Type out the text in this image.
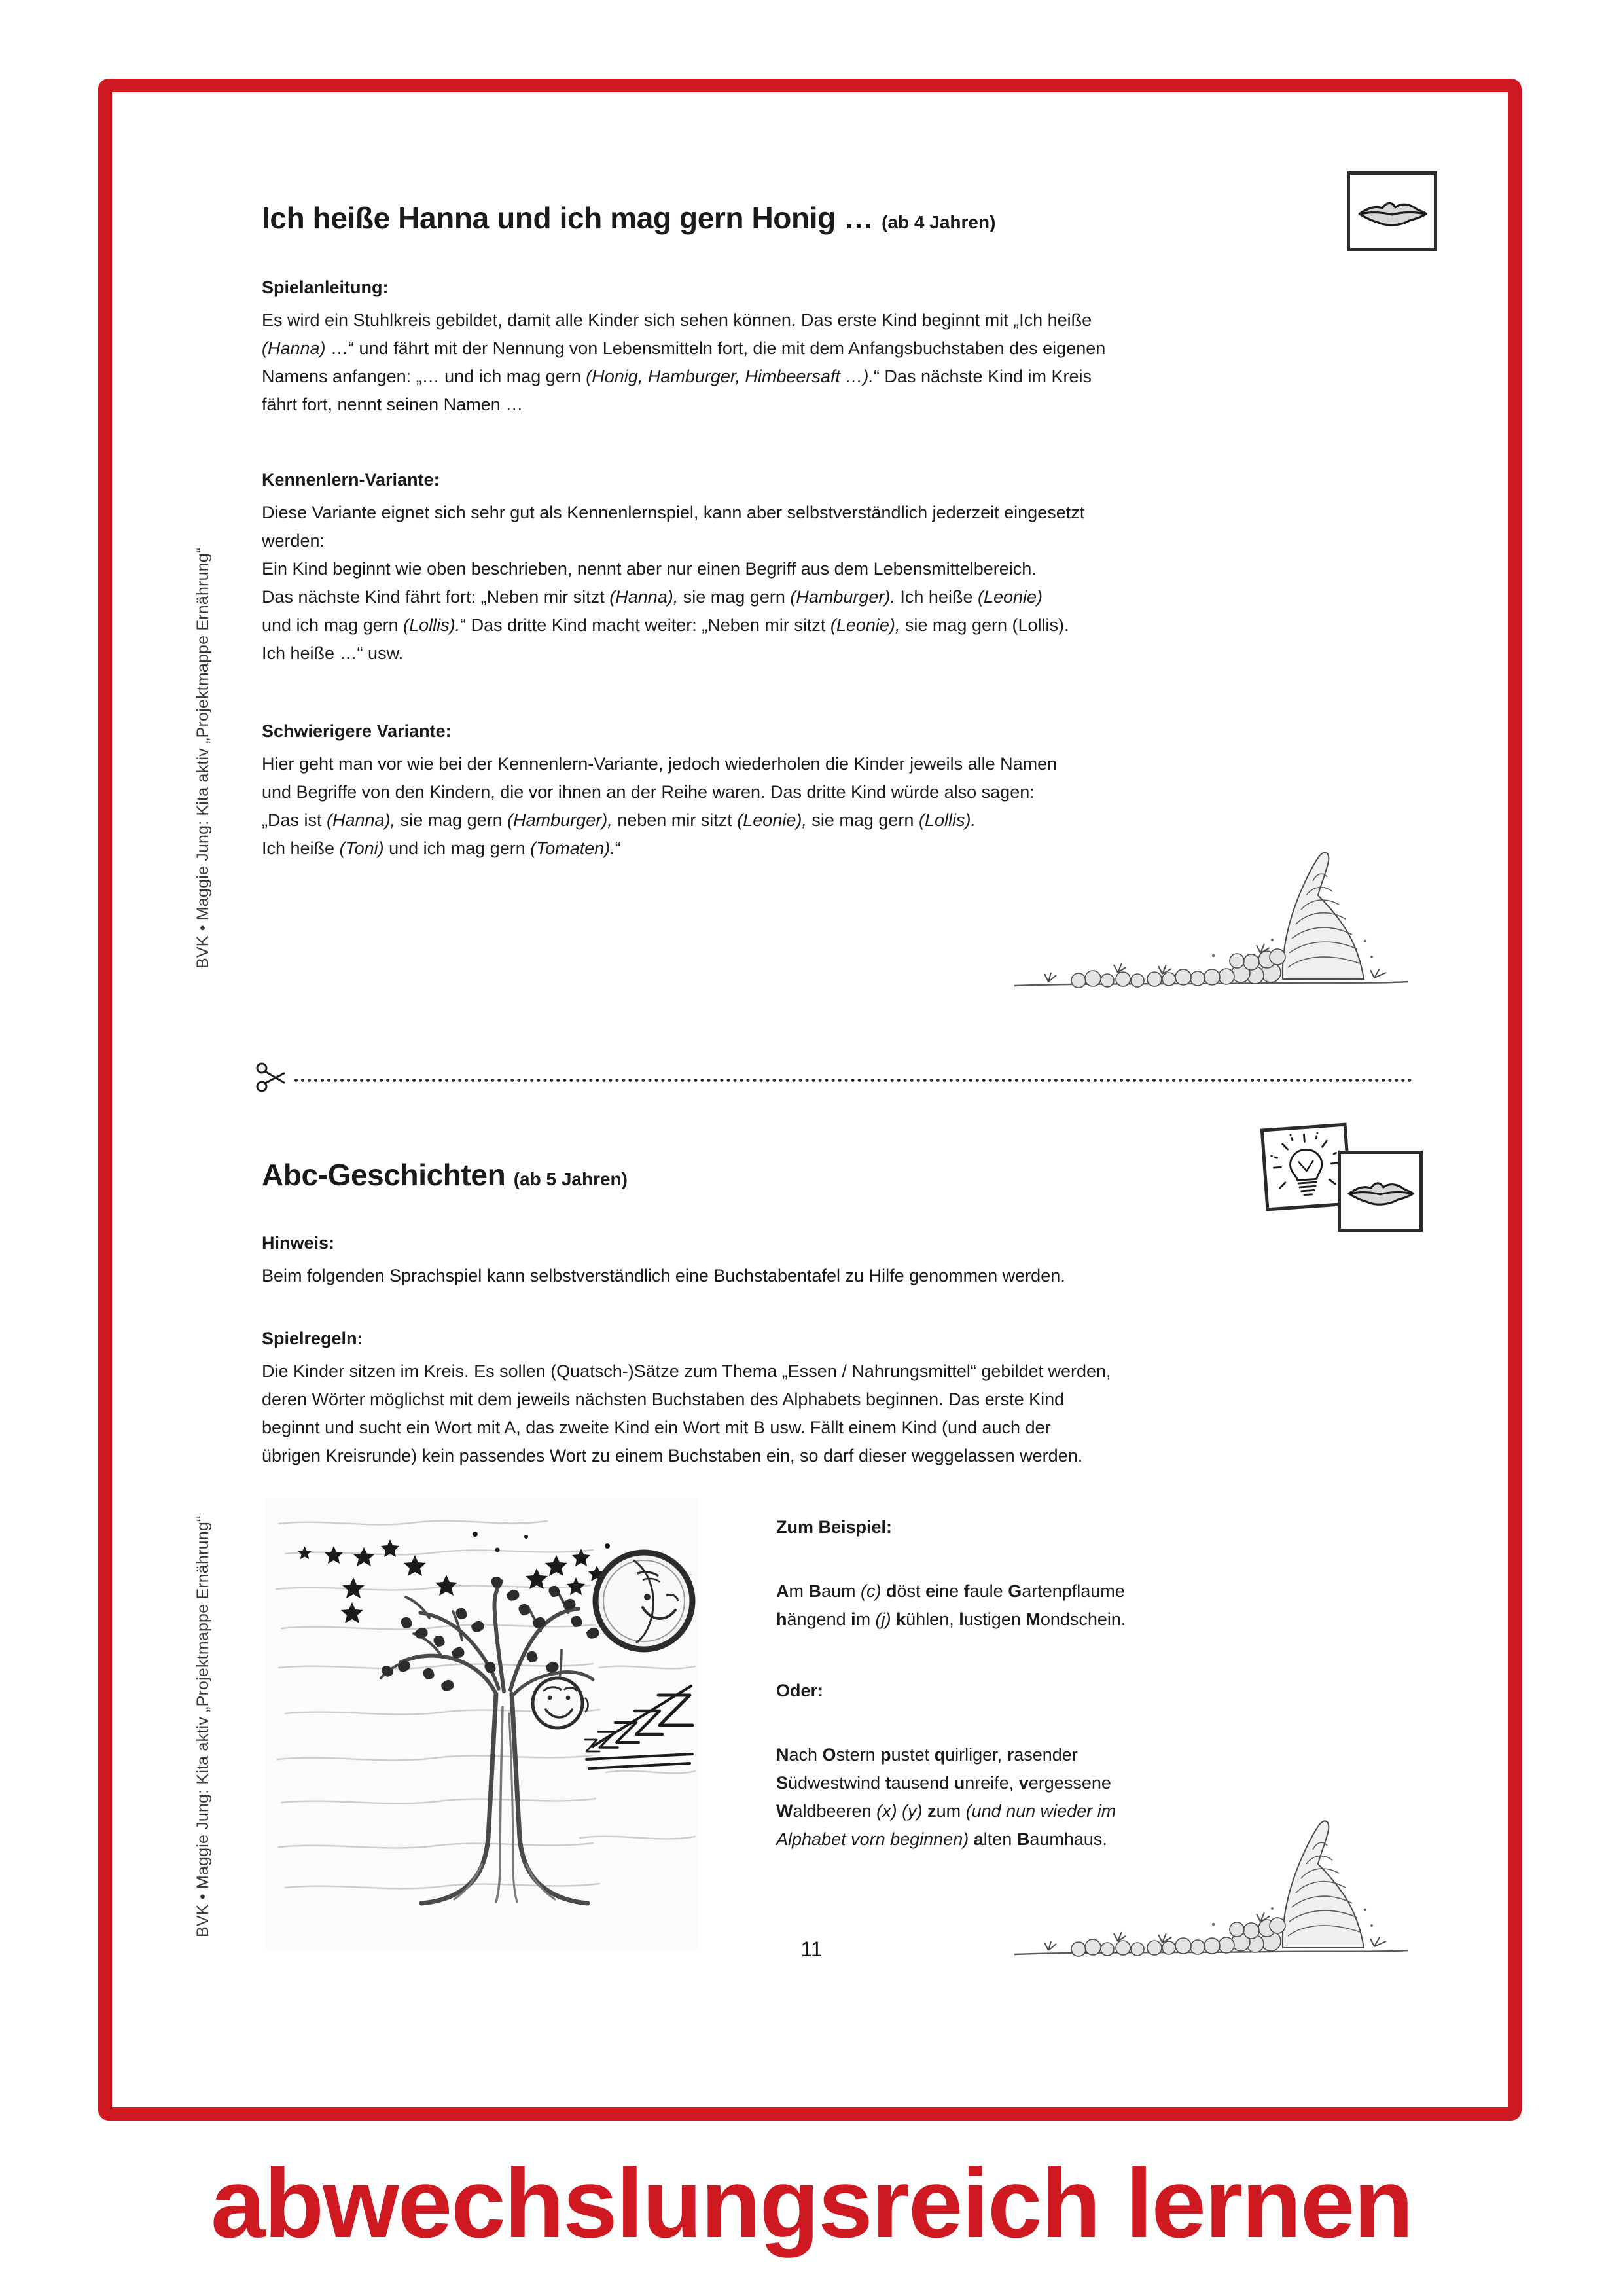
BVK • Maggie Jung: Kita aktiv „Projektmappe Ernährung“
BVK • Maggie Jung: Kita aktiv „Projektmappe Ernährung“
Ich heiße Hanna und ich mag gern Honig … (ab 4 Jahren)
Spielanleitung:
Es wird ein Stuhlkreis gebildet, damit alle Kinder sich sehen können. Das erste Kind beginnt mit „Ich heiße
(Hanna) …“ und fährt mit der Nennung von Lebensmitteln fort, die mit dem Anfangsbuchstaben des eigenen
Namens anfangen: „… und ich mag gern (Honig, Hamburger, Himbeersaft …).“ Das nächste Kind im Kreis
fährt fort, nennt seinen Namen …
Kennenlern-Variante:
Diese Variante eignet sich sehr gut als Kennenlernspiel, kann aber selbstverständlich jederzeit eingesetzt
werden:
Ein Kind beginnt wie oben beschrieben, nennt aber nur einen Begriff aus dem Lebensmittelbereich.
Das nächste Kind fährt fort: „Neben mir sitzt (Hanna), sie mag gern (Hamburger). Ich heiße (Leonie)
und ich mag gern (Lollis).“ Das dritte Kind macht weiter: „Neben mir sitzt (Leonie), sie mag gern (Lollis).
Ich heiße …“ usw.
Schwierigere Variante:
Hier geht man vor wie bei der Kennenlern-Variante, jedoch wiederholen die Kinder jeweils alle Namen
und Begriffe von den Kindern, die vor ihnen an der Reihe waren. Das dritte Kind würde also sagen:
„Das ist (Hanna), sie mag gern (Hamburger), neben mir sitzt (Leonie), sie mag gern (Lollis).
Ich heiße (Toni) und ich mag gern (Tomaten).“
Abc-Geschichten (ab 5 Jahren)
Hinweis:
Beim folgenden Sprachspiel kann selbstverständlich eine Buchstabentafel zu Hilfe genommen werden.
Spielregeln:
Die Kinder sitzen im Kreis. Es sollen (Quatsch-)Sätze zum Thema „Essen / Nahrungsmittel“ gebildet werden,
deren Wörter möglichst mit dem jeweils nächsten Buchstaben des Alphabets beginnen. Das erste Kind
beginnt und sucht ein Wort mit A, das zweite Kind ein Wort mit B usw. Fällt einem Kind (und auch der
übrigen Kreisrunde) kein passendes Wort zu einem Buchstaben ein, so darf dieser weggelassen werden.
Zum Beispiel:
Am Baum (c) döst eine faule Gartenpflaume
hängend im (j) kühlen, lustigen Mondschein.
Oder:
Nach Ostern pustet quirliger, rasender
Südwestwind tausend unreife, vergessene
Waldbeeren (x) (y) zum (und nun wieder im
Alphabet vorn beginnen) alten Baumhaus.
11
abwechslungsreich lernen
